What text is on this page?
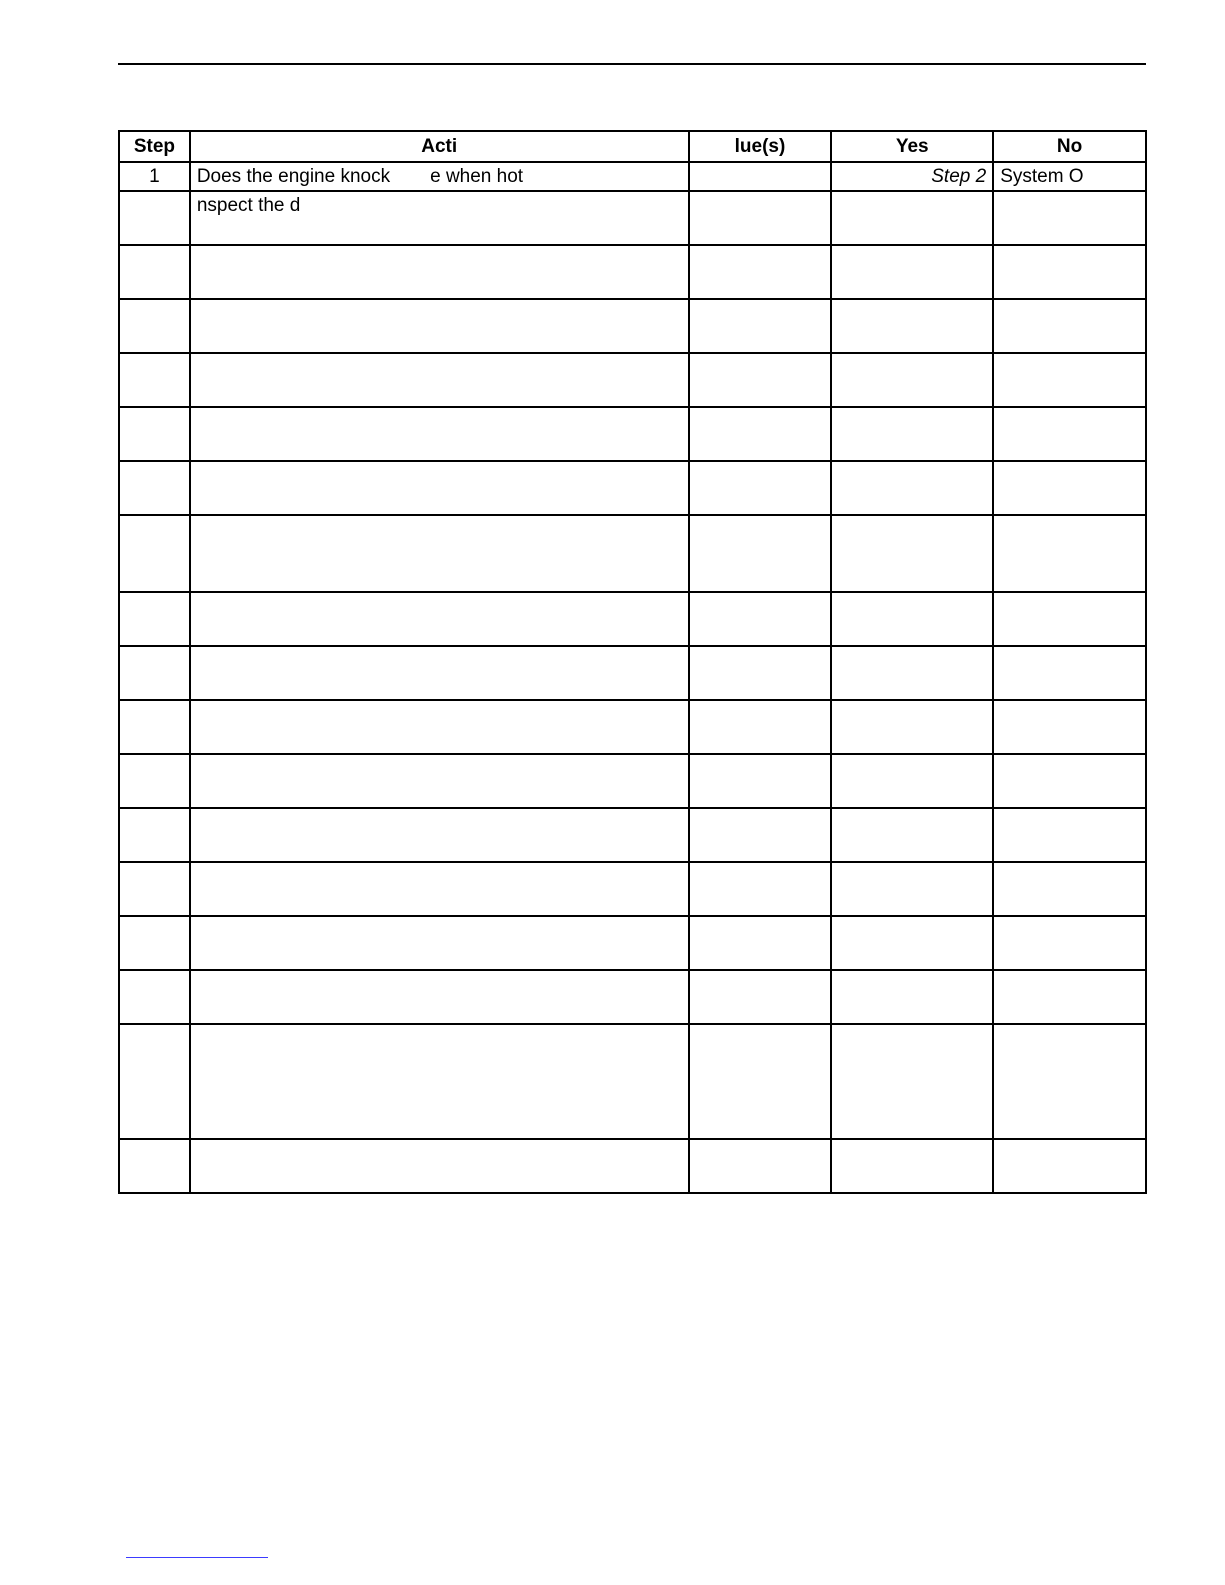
Step	Acti	lue(s)	Yes	No

1	Does the engine knock e when hot		Step 2	System O

	nspect the d			
